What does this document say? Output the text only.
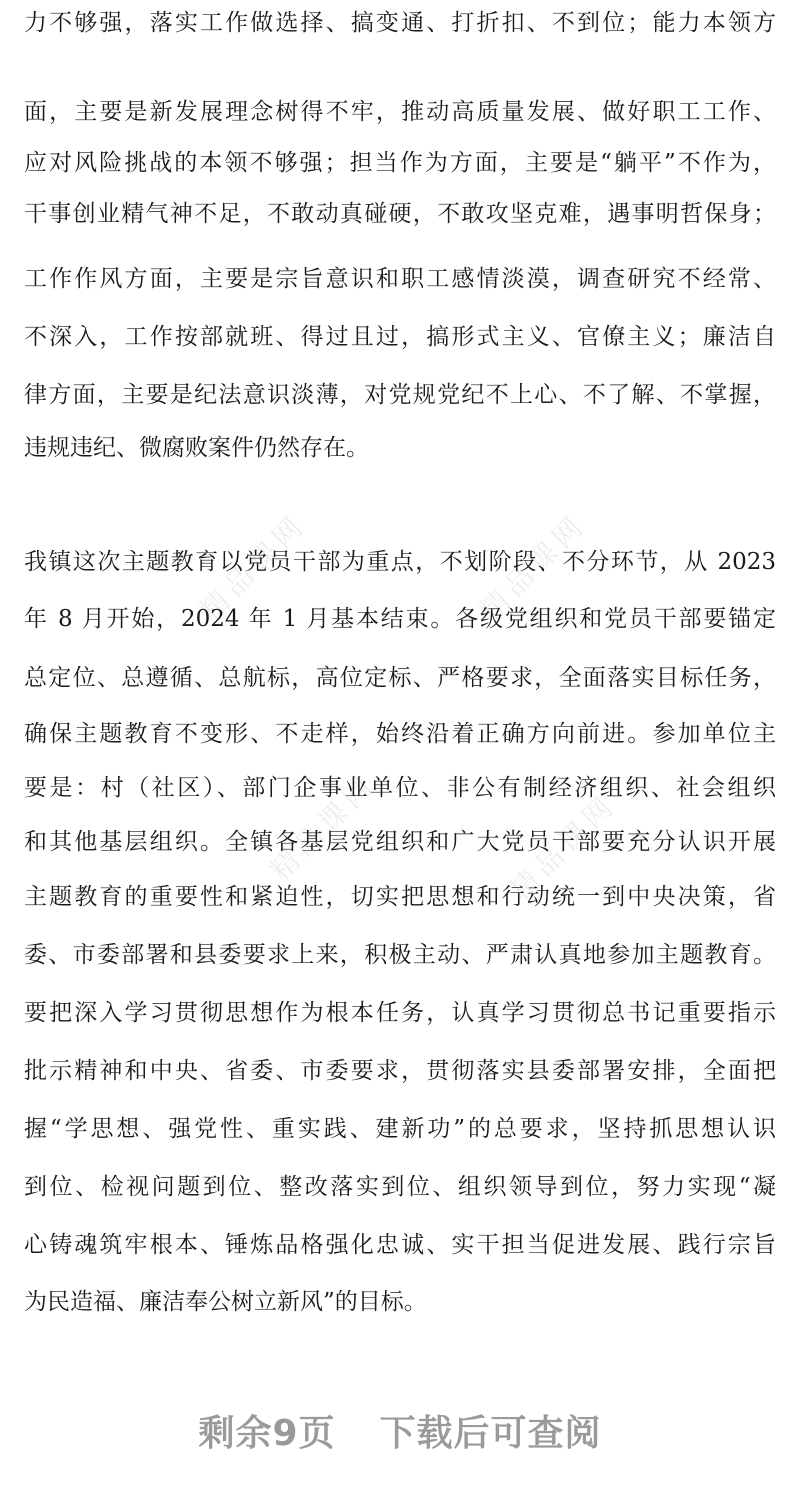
精品课网	精品课网
精品课网	精品课网
力不够强，落实工作做选择、搞变通、打折扣、不到位；能力本领方
面，主要是新发展理念树得不牢，推动高质量发展、做好职工工作、
应对风险挑战的本领不够强；担当作为方面，主要是“躺平”不作为，
干事创业精气神不足，不敢动真碰硬，不敢攻坚克难，遇事明哲保身；
工作作风方面，主要是宗旨意识和职工感情淡漠，调查研究不经常、
不深入，工作按部就班、得过且过，搞形式主义、官僚主义；廉洁自
律方面，主要是纪法意识淡薄，对党规党纪不上心、不了解、不掌握，
违规违纪、微腐败案件仍然存在。
我镇这次主题教育以党员干部为重点，不划阶段、不分环节，从 2023
年 8 月开始，2024 年 1 月基本结束。各级党组织和党员干部要锚定
总定位、总遵循、总航标，高位定标、严格要求，全面落实目标任务，
确保主题教育不变形、不走样，始终沿着正确方向前进。参加单位主
要是：村（社区）、部门企事业单位、非公有制经济组织、社会组织
和其他基层组织。全镇各基层党组织和广大党员干部要充分认识开展
主题教育的重要性和紧迫性，切实把思想和行动统一到中央决策，省
委、市委部署和县委要求上来，积极主动、严肃认真地参加主题教育。
要把深入学习贯彻思想作为根本任务，认真学习贯彻总书记重要指示
批示精神和中央、省委、市委要求，贯彻落实县委部署安排，全面把
握“学思想、强党性、重实践、建新功”的总要求，坚持抓思想认识
到位、检视问题到位、整改落实到位、组织领导到位，努力实现“凝
心铸魂筑牢根本、锤炼品格强化忠诚、实干担当促进发展、践行宗旨
为民造福、廉洁奉公树立新风”的目标。
剩余9页 下载后可查阅
